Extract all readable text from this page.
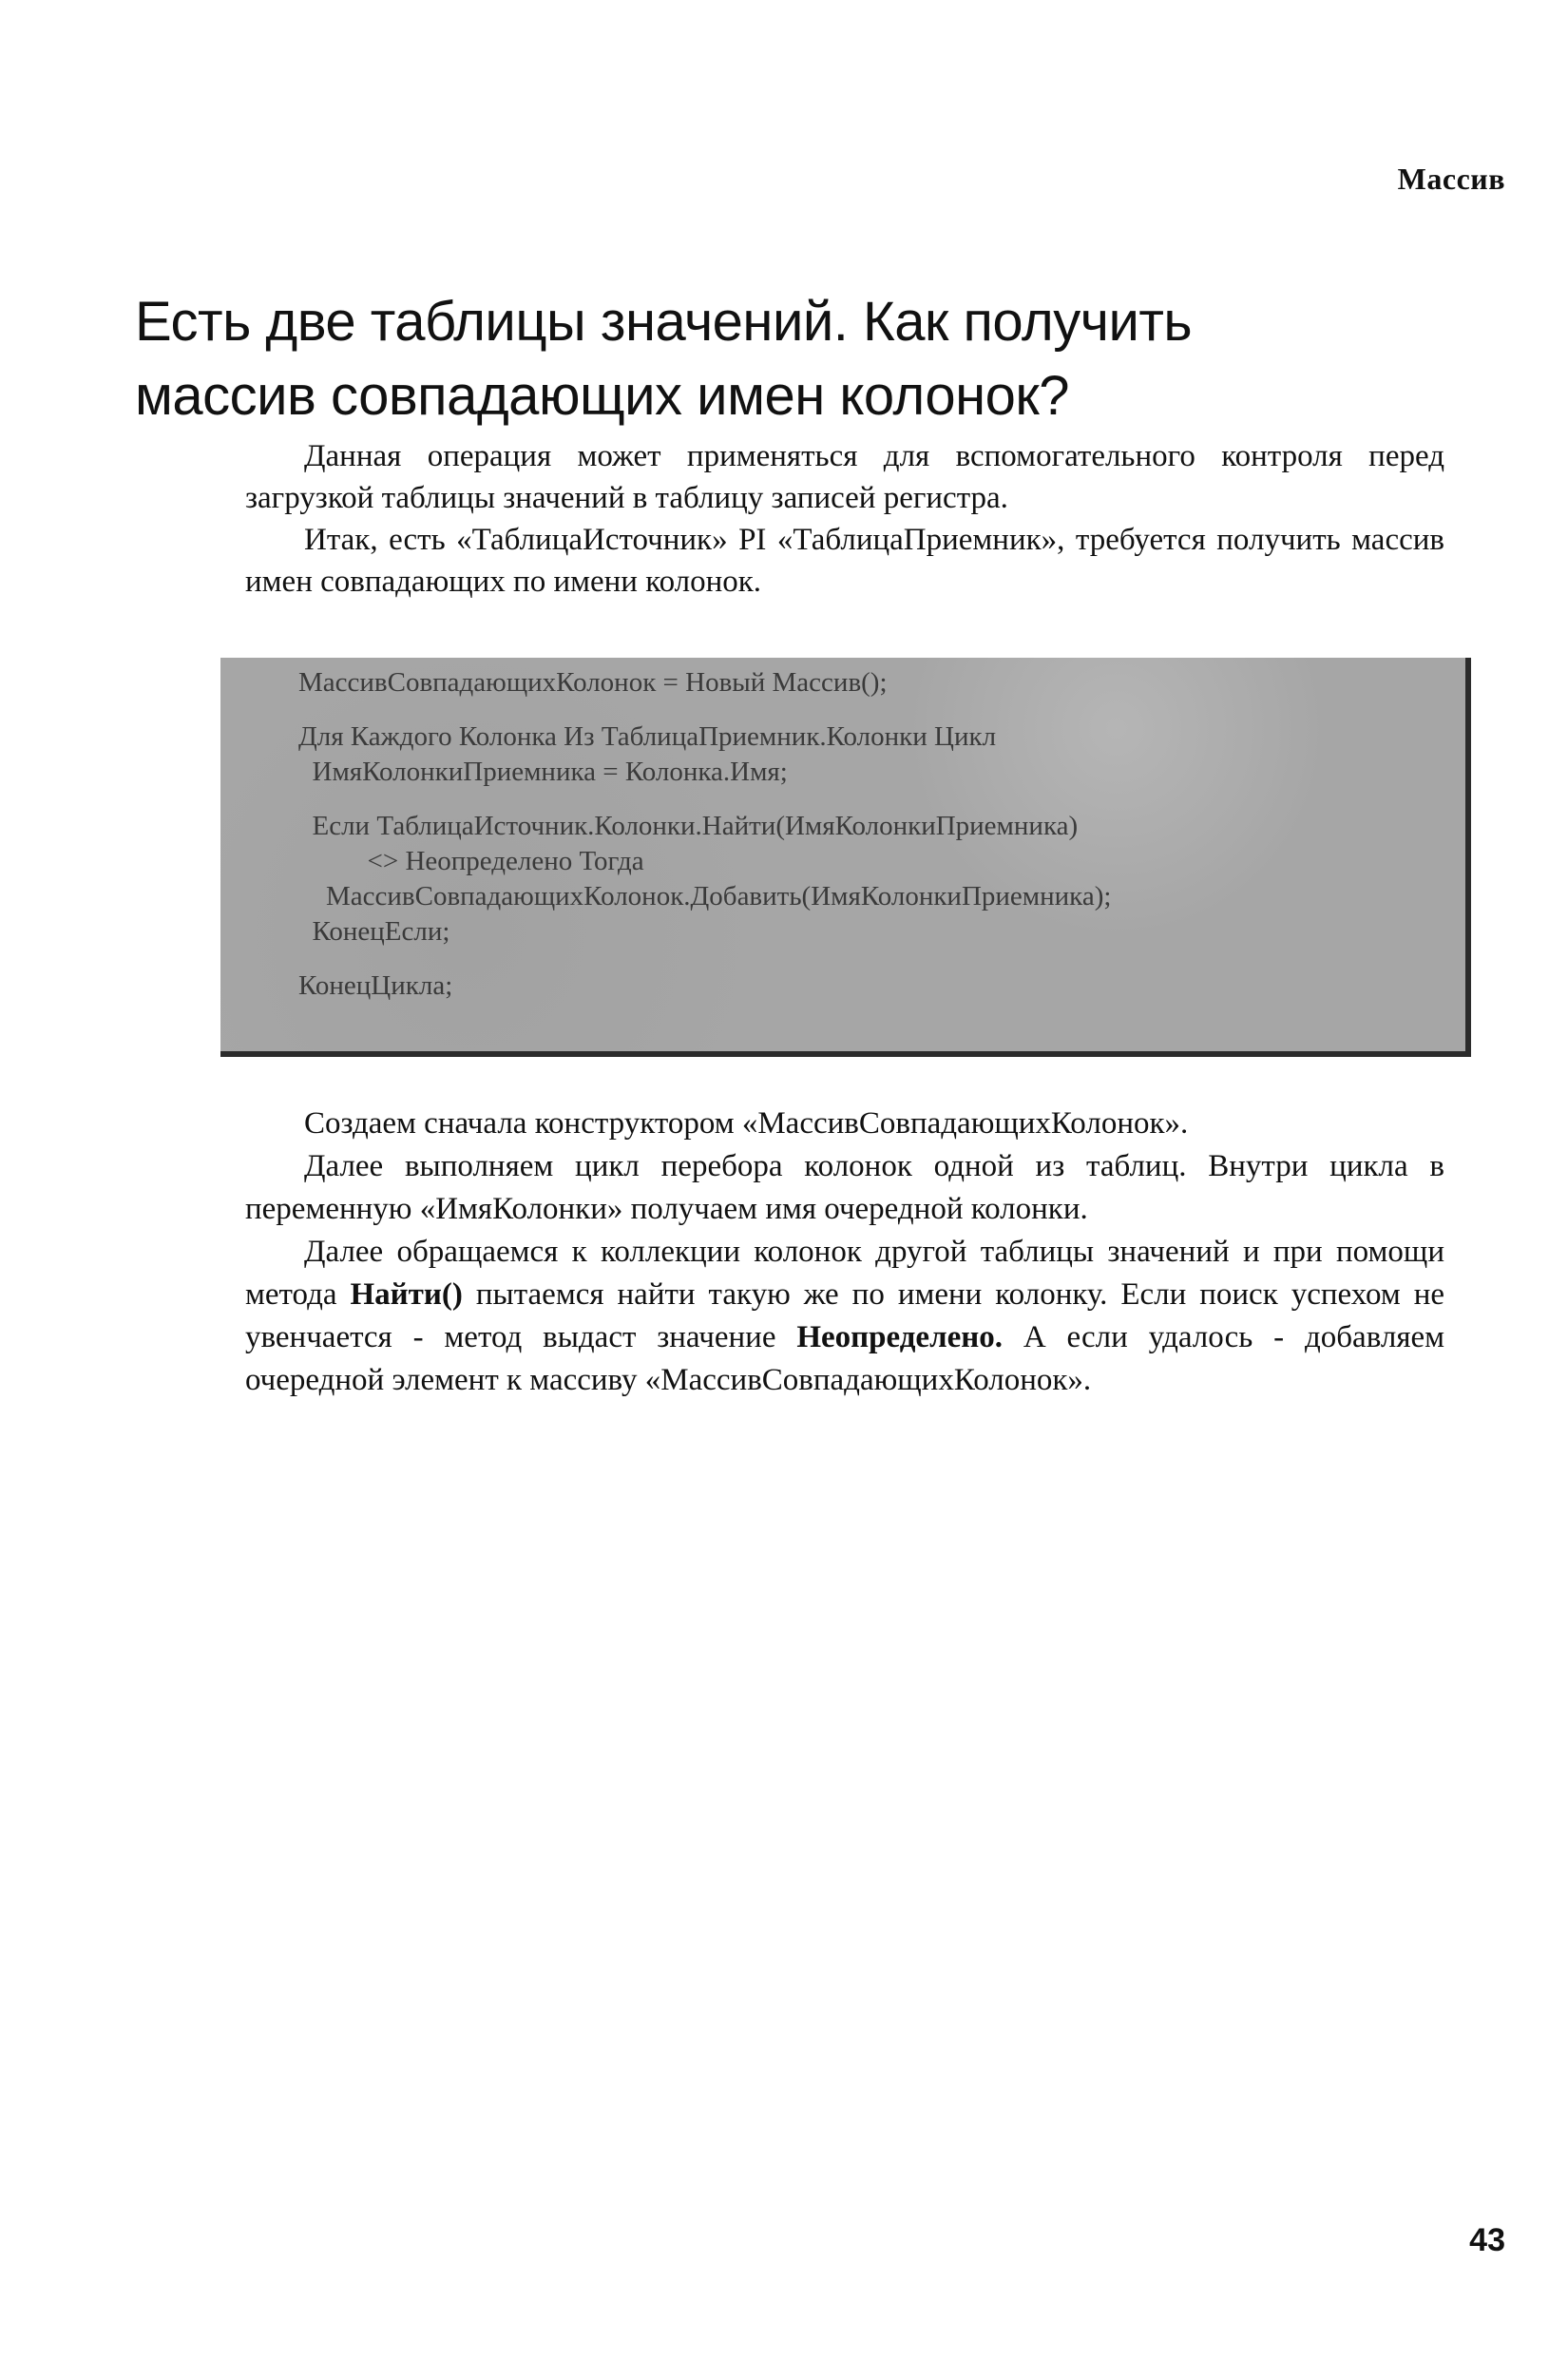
Массив
Есть две таблицы значений. Как получить
массив совпадающих имен колонок?

Данная операция может применяться для вспомогательного контроля перед загрузкой таблицы значений в таблицу записей регистра.

Итак, есть «ТаблицаИсточник» PI «ТаблицаПриемник», требуется получить массив имен совпадающих по имени колонок.

МассивСовпадающихКолонок = Новый Массив();
Для Каждого Колонка Из ТаблицаПриемник.Колонки Цикл
ИмяКолонкиПриемника = Колонка.Имя;
Если ТаблицаИсточник.Колонки.Найти(ИмяКолонкиПриемника)
<> Неопределено Тогда
МассивСовпадающихКолонок.Добавить(ИмяКолонкиПриемника);
КонецЕсли;
КонецЦикла;

Создаем сначала конструктором «МассивСовпадающихКолонок».

Далее выполняем цикл перебора колонок одной из таблиц. Внутри цикла в переменную «ИмяКолонки» получаем имя очередной колонки.

Далее обращаемся к коллекции колонок другой таблицы значений и при помощи метода Найти() пытаемся найти такую же по имени колонку. Если поиск успехом не увенчается - метод выдаст значение Неопределено. А если удалось - добавляем очередной элемент к массиву «МассивСовпадающихКолонок».

43
